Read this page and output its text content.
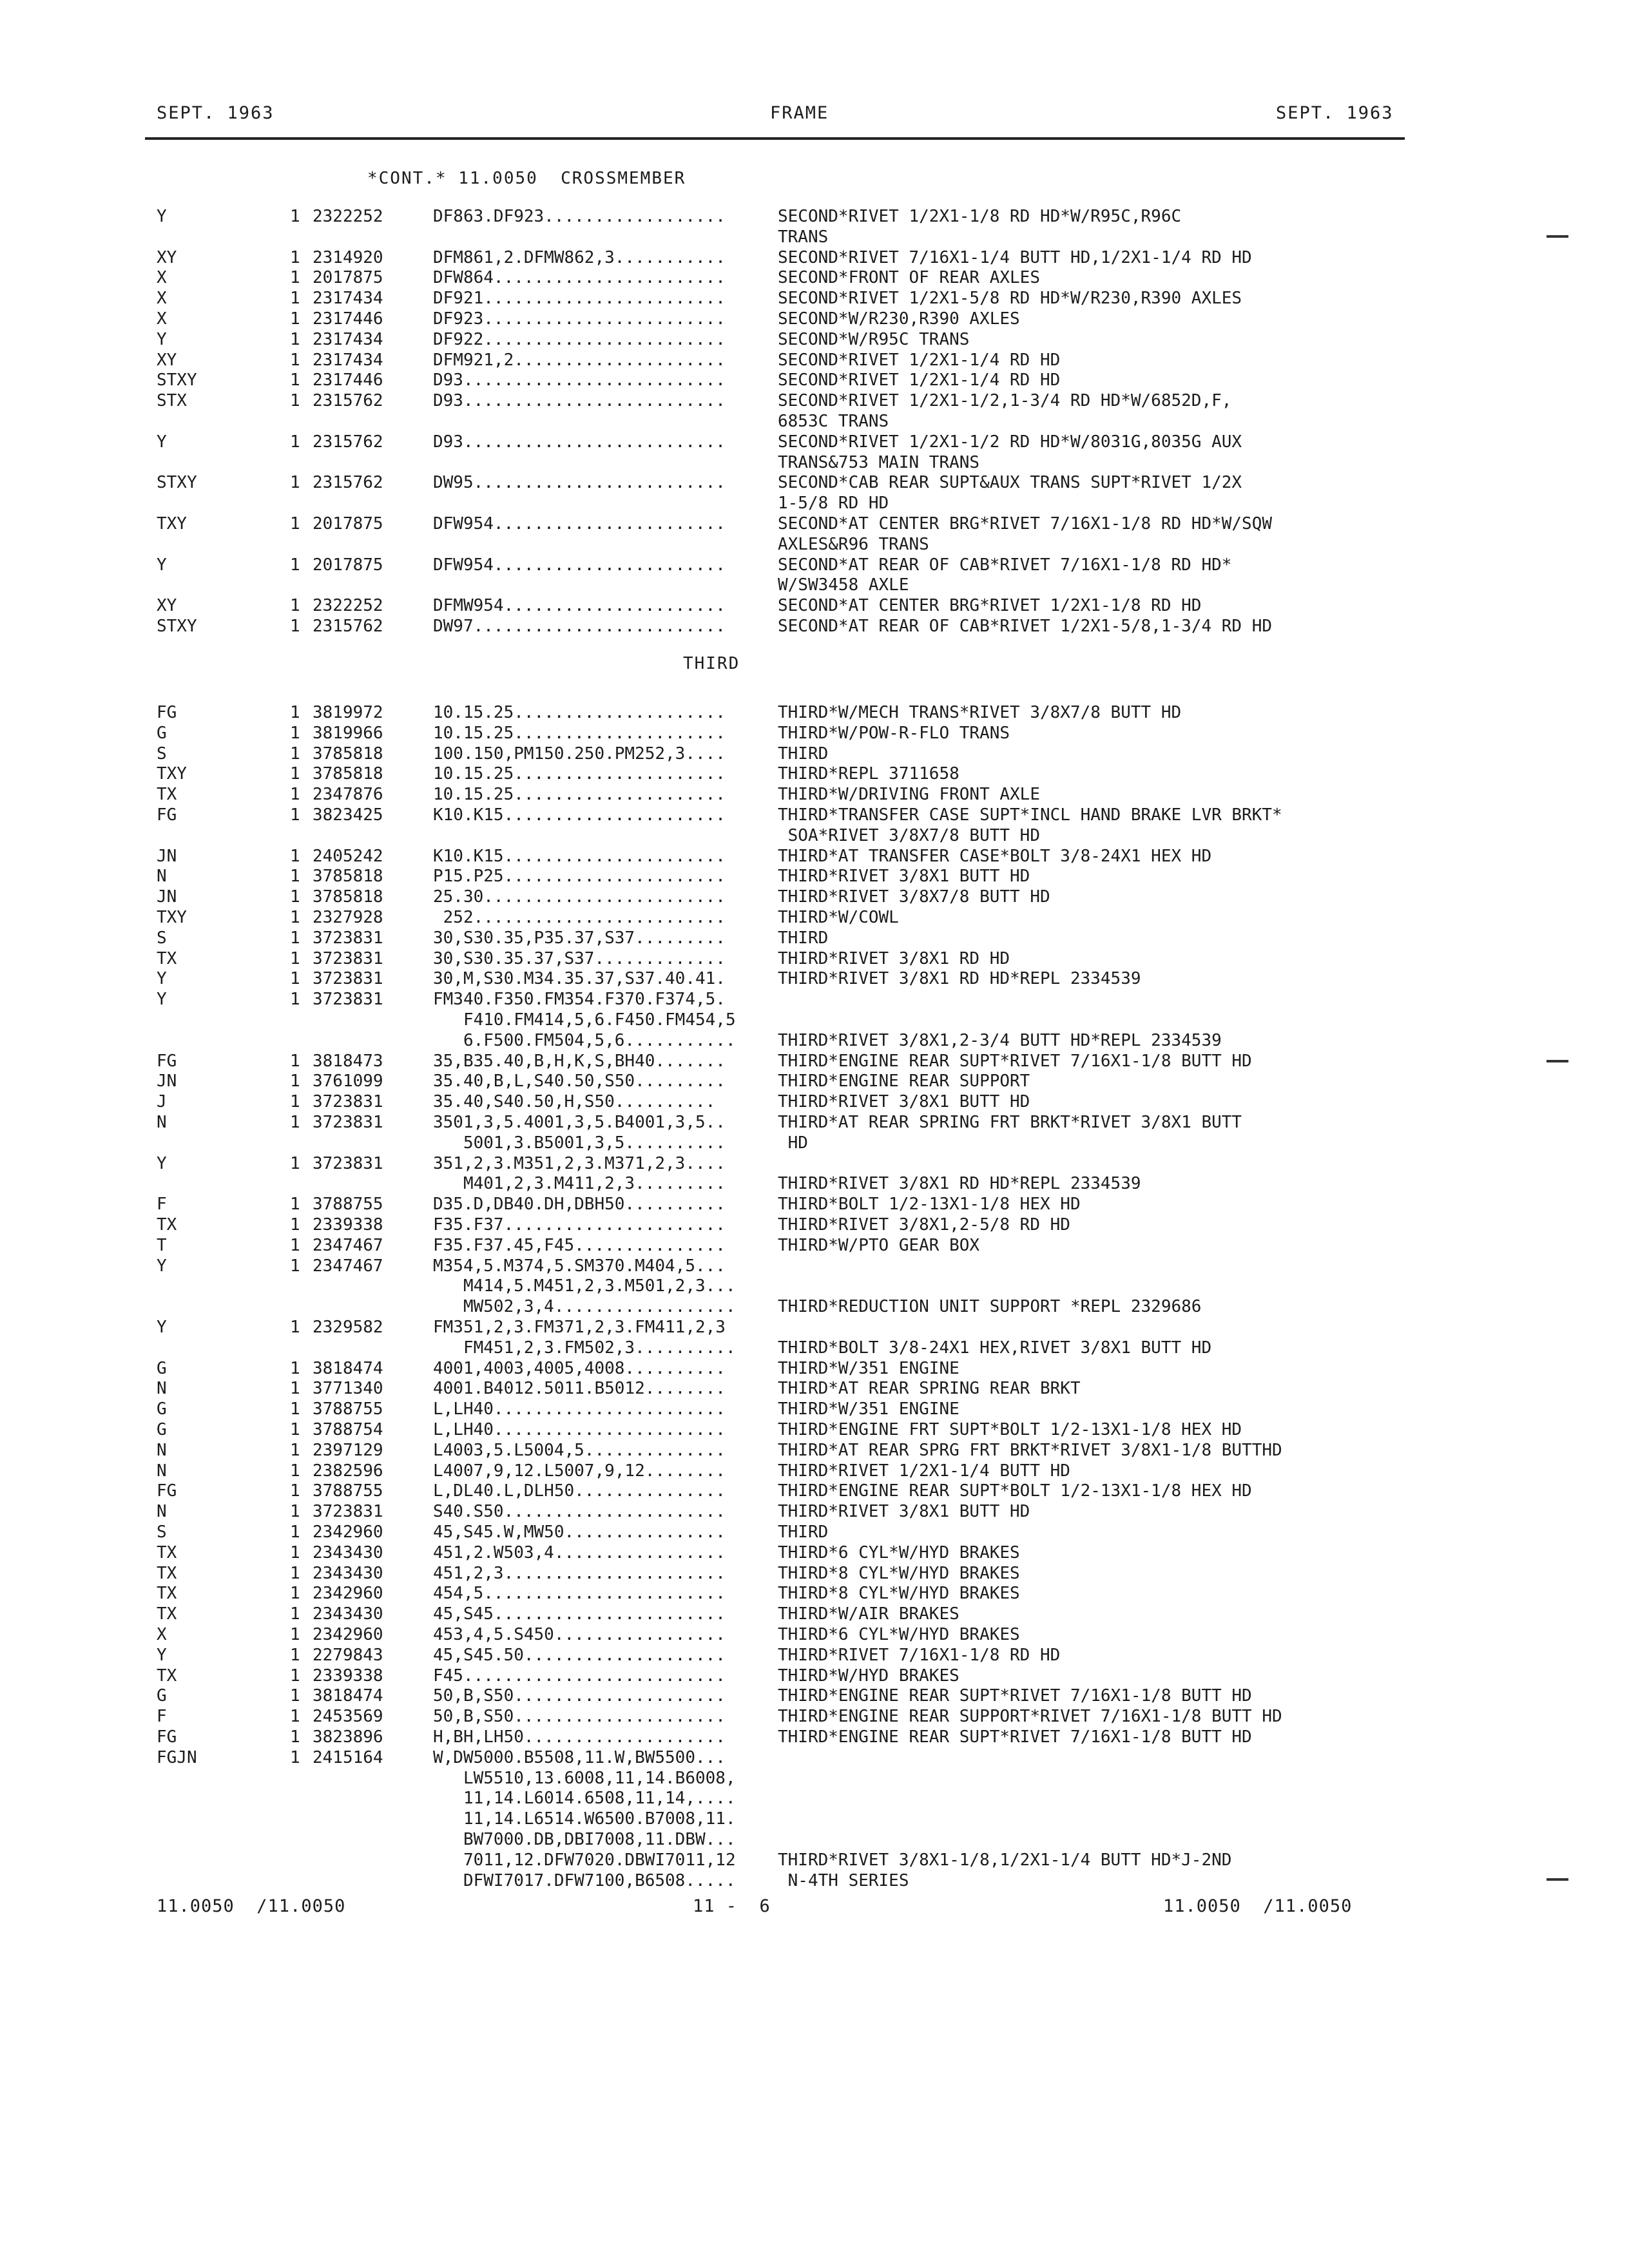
SEPT. 1963	FRAME	SEPT. 1963
*CONT.* 11.0050  CROSSMEMBER
Y	1 2322252	DF863.DF923..................	SECOND*RIVET 1/2X1-1/8 RD HD*W/R95C,R96C
TRANS
XY	1 2314920	DFM861,2.DFMW862,3...........	SECOND*RIVET 7/16X1-1/4 BUTT HD,1/2X1-1/4 RD HD
X	1 2017875	DFW864.......................	SECOND*FRONT OF REAR AXLES
X	1 2317434	DF921........................	SECOND*RIVET 1/2X1-5/8 RD HD*W/R230,R390 AXLES
X	1 2317446	DF923........................	SECOND*W/R230,R390 AXLES
Y	1 2317434	DF922........................	SECOND*W/R95C TRANS
XY	1 2317434	DFM921,2.....................	SECOND*RIVET 1/2X1-1/4 RD HD
STXY	1 2317446	D93..........................	SECOND*RIVET 1/2X1-1/4 RD HD
STX	1 2315762	D93..........................	SECOND*RIVET 1/2X1-1/2,1-3/4 RD HD*W/6852D,F,
6853C TRANS
Y	1 2315762	D93..........................	SECOND*RIVET 1/2X1-1/2 RD HD*W/8031G,8035G AUX
TRANS&753 MAIN TRANS
STXY	1 2315762	DW95.........................	SECOND*CAB REAR SUPT&AUX TRANS SUPT*RIVET 1/2X
1-5/8 RD HD
TXY	1 2017875	DFW954.......................	SECOND*AT CENTER BRG*RIVET 7/16X1-1/8 RD HD*W/SQW
AXLES&R96 TRANS
Y	1 2017875	DFW954.......................	SECOND*AT REAR OF CAB*RIVET 7/16X1-1/8 RD HD*
W/SW3458 AXLE
XY	1 2322252	DFMW954......................	SECOND*AT CENTER BRG*RIVET 1/2X1-1/8 RD HD
STXY	1 2315762	DW97.........................	SECOND*AT REAR OF CAB*RIVET 1/2X1-5/8,1-3/4 RD HD
THIRD
FG	1 3819972	10.15.25.....................	THIRD*W/MECH TRANS*RIVET 3/8X7/8 BUTT HD
G	1 3819966	10.15.25.....................	THIRD*W/POW-R-FLO TRANS
S	1 3785818	100.150,PM150.250.PM252,3....	THIRD
TXY	1 3785818	10.15.25.....................	THIRD*REPL 3711658
TX	1 2347876	10.15.25.....................	THIRD*W/DRIVING FRONT AXLE
FG	1 3823425	K10.K15......................	THIRD*TRANSFER CASE SUPT*INCL HAND BRAKE LVR BRKT*
SOA*RIVET 3/8X7/8 BUTT HD
JN	1 2405242	K10.K15......................	THIRD*AT TRANSFER CASE*BOLT 3/8-24X1 HEX HD
N	1 3785818	P15.P25......................	THIRD*RIVET 3/8X1 BUTT HD
JN	1 3785818	25.30........................	THIRD*RIVET 3/8X7/8 BUTT HD
TXY	1 2327928	252.........................	THIRD*W/COWL
S	1 3723831	30,S30.35,P35.37,S37.........	THIRD
TX	1 3723831	30,S30.35.37,S37.............	THIRD*RIVET 3/8X1 RD HD
Y	1 3723831	30,M,S30.M34.35.37,S37.40.41.	THIRD*RIVET 3/8X1 RD HD*REPL 2334539
Y	1 3723831	FM340.F350.FM354.F370.F374,5.
F410.FM414,5,6.F450.FM454,5
6.F500.FM504,5,6...........	THIRD*RIVET 3/8X1,2-3/4 BUTT HD*REPL 2334539
FG	1 3818473	35,B35.40,B,H,K,S,BH40.......	THIRD*ENGINE REAR SUPT*RIVET 7/16X1-1/8 BUTT HD
JN	1 3761099	35.40,B,L,S40.50,S50.........	THIRD*ENGINE REAR SUPPORT
J	1 3723831	35.40,S40.50,H,S50..........	THIRD*RIVET 3/8X1 BUTT HD
N	1 3723831	3501,3,5.4001,3,5.B4001,3,5..	THIRD*AT REAR SPRING FRT BRKT*RIVET 3/8X1 BUTT
5001,3.B5001,3,5..........	HD
Y	1 3723831	351,2,3.M351,2,3.M371,2,3....
M401,2,3.M411,2,3.........	THIRD*RIVET 3/8X1 RD HD*REPL 2334539
F	1 3788755	D35.D,DB40.DH,DBH50..........	THIRD*BOLT 1/2-13X1-1/8 HEX HD
TX	1 2339338	F35.F37......................	THIRD*RIVET 3/8X1,2-5/8 RD HD
T	1 2347467	F35.F37.45,F45...............	THIRD*W/PTO GEAR BOX
Y	1 2347467	M354,5.M374,5.SM370.M404,5...
M414,5.M451,2,3.M501,2,3...
MW502,3,4..................	THIRD*REDUCTION UNIT SUPPORT *REPL 2329686
Y	1 2329582	FM351,2,3.FM371,2,3.FM411,2,3
FM451,2,3.FM502,3..........	THIRD*BOLT 3/8-24X1 HEX,RIVET 3/8X1 BUTT HD
G	1 3818474	4001,4003,4005,4008..........	THIRD*W/351 ENGINE
N	1 3771340	4001.B4012.5011.B5012........	THIRD*AT REAR SPRING REAR BRKT
G	1 3788755	L,LH40.......................	THIRD*W/351 ENGINE
G	1 3788754	L,LH40.......................	THIRD*ENGINE FRT SUPT*BOLT 1/2-13X1-1/8 HEX HD
N	1 2397129	L4003,5.L5004,5..............	THIRD*AT REAR SPRG FRT BRKT*RIVET 3/8X1-1/8 BUTTHD
N	1 2382596	L4007,9,12.L5007,9,12........	THIRD*RIVET 1/2X1-1/4 BUTT HD
FG	1 3788755	L,DL40.L,DLH50...............	THIRD*ENGINE REAR SUPT*BOLT 1/2-13X1-1/8 HEX HD
N	1 3723831	S40.S50......................	THIRD*RIVET 3/8X1 BUTT HD
S	1 2342960	45,S45.W,MW50................	THIRD
TX	1 2343430	451,2.W503,4.................	THIRD*6 CYL*W/HYD BRAKES
TX	1 2343430	451,2,3......................	THIRD*8 CYL*W/HYD BRAKES
TX	1 2342960	454,5........................	THIRD*8 CYL*W/HYD BRAKES
TX	1 2343430	45,S45.......................	THIRD*W/AIR BRAKES
X	1 2342960	453,4,5.S450.................	THIRD*6 CYL*W/HYD BRAKES
Y	1 2279843	45,S45.50....................	THIRD*RIVET 7/16X1-1/8 RD HD
TX	1 2339338	F45..........................	THIRD*W/HYD BRAKES
G	1 3818474	50,B,S50.....................	THIRD*ENGINE REAR SUPT*RIVET 7/16X1-1/8 BUTT HD
F	1 2453569	50,B,S50.....................	THIRD*ENGINE REAR SUPPORT*RIVET 7/16X1-1/8 BUTT HD
FG	1 3823896	H,BH,LH50....................	THIRD*ENGINE REAR SUPT*RIVET 7/16X1-1/8 BUTT HD
FGJN	1 2415164	W,DW5000.B5508,11.W,BW5500...
LW5510,13.6008,11,14.B6008,
11,14.L6014.6508,11,14,....
11,14.L6514.W6500.B7008,11.
BW7000.DB,DBI7008,11.DBW...
7011,12.DFW7020.DBWI7011,12	THIRD*RIVET 3/8X1-1/8,1/2X1-1/4 BUTT HD*J-2ND
DFWI7017.DFW7100,B6508.....	N-4TH SERIES
11.0050  /11.0050	11 -  6	11.0050  /11.0050
